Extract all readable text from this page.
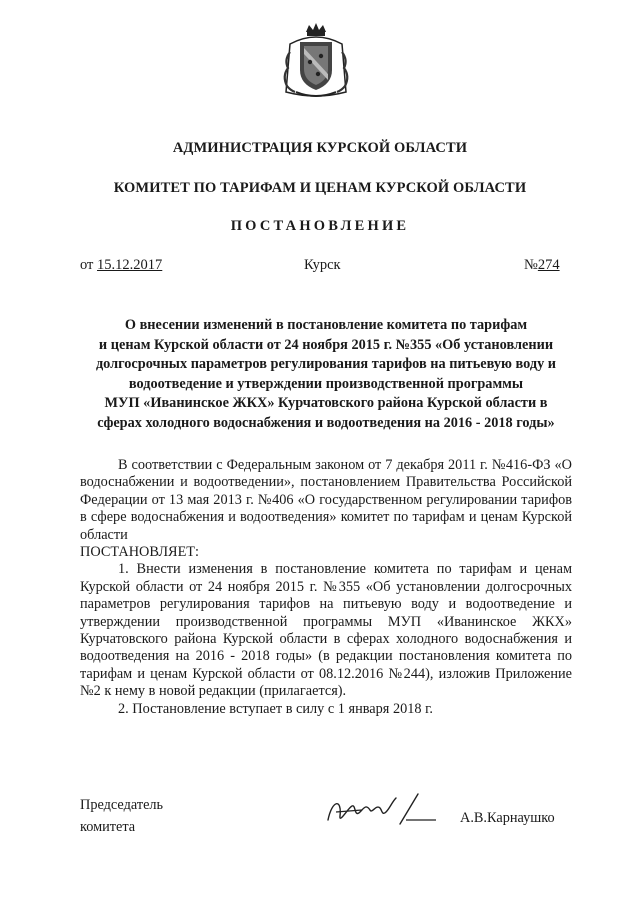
АДМИНИСТРАЦИЯ КУРСКОЙ ОБЛАСТИ
КОМИТЕТ ПО ТАРИФАМ И ЦЕНАМ КУРСКОЙ ОБЛАСТИ
ПОСТАНОВЛЕНИЕ
от 15.12.2017	Курск	№274
О внесении изменений в постановление комитета по тарифам
и ценам Курской области от 24 ноября 2015 г. №355 «Об установлении
долгосрочных параметров регулирования тарифов на питьевую воду и
водоотведение и утверждении производственной программы
МУП «Иванинское ЖКХ» Курчатовского района Курской области в
сферах холодного водоснабжения и водоотведения на 2016 - 2018 годы»

В соответствии с Федеральным законом от 7 декабря 2011 г. №416-ФЗ «О водоснабжении и водоотведении», постановлением Правительства Российской Федерации от 13 мая 2013 г. №406 «О государственном регулировании тарифов в сфере водоснабжения и водоотведения» комитет по тарифам и ценам Курской области

ПОСТАНОВЛЯЕТ:

1. Внести изменения в постановление комитета по тарифам и ценам Курской области от 24 ноября 2015 г. №355 «Об установлении долгосрочных параметров регулирования тарифов на питьевую воду и водоотведение и утверждении производственной программы МУП «Иванинское ЖКХ» Курчатовского района Курской области в сферах холодного водоснабжения и водоотведения на 2016 - 2018 годы» (в редакции постановления комитета по тарифам и ценам Курской области от 08.12.2016 №244), изложив Приложение №2 к нему в новой редакции (прилагается).

2. Постановление вступает в силу с 1 января 2018 г.

Председатель
комитета
А.В.Карнаушко
